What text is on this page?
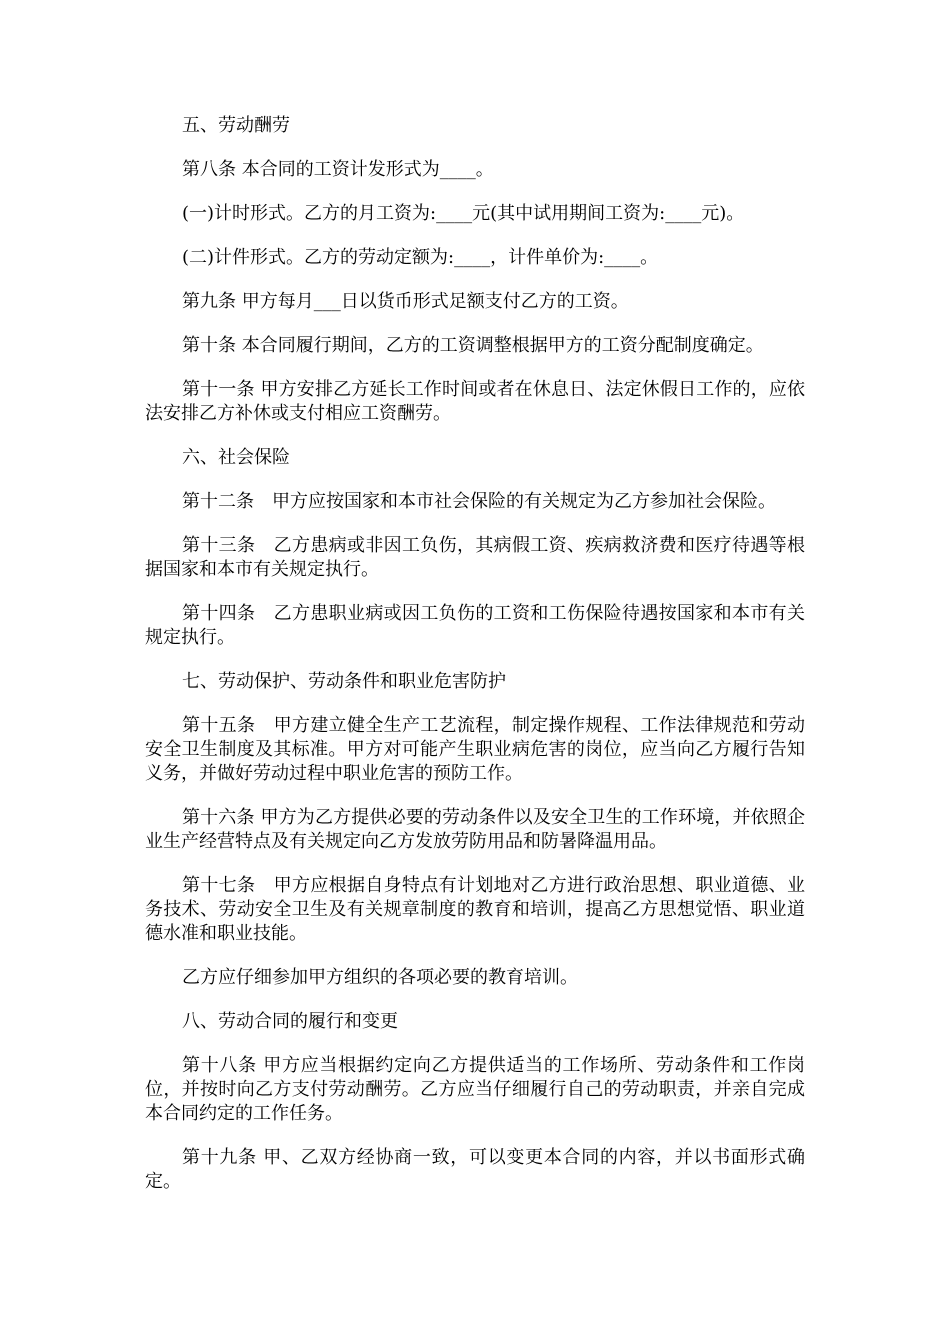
五、劳动酬劳

第八条 本合同的工资计发形式为____。

(一)计时形式。乙方的月工资为:____元(其中试用期间工资为:____元)。

(二)计件形式。乙方的劳动定额为:____，计件单价为:____。

第九条 甲方每月___日以货币形式足额支付乙方的工资。

第十条 本合同履行期间，乙方的工资调整根据甲方的工资分配制度确定。

第十一条 甲方安排乙方延长工作时间或者在休息日、法定休假日工作的，应依法安排乙方补休或支付相应工资酬劳。

六、社会保险

第十二条　甲方应按国家和本市社会保险的有关规定为乙方参加社会保险。

第十三条　乙方患病或非因工负伤，其病假工资、疾病救济费和医疗待遇等根据国家和本市有关规定执行。

第十四条　乙方患职业病或因工负伤的工资和工伤保险待遇按国家和本市有关规定执行。

七、劳动保护、劳动条件和职业危害防护

第十五条　甲方建立健全生产工艺流程，制定操作规程、工作法律规范和劳动安全卫生制度及其标准。甲方对可能产生职业病危害的岗位，应当向乙方履行告知义务，并做好劳动过程中职业危害的预防工作。

第十六条 甲方为乙方提供必要的劳动条件以及安全卫生的工作环境，并依照企业生产经营特点及有关规定向乙方发放劳防用品和防暑降温用品。

第十七条　甲方应根据自身特点有计划地对乙方进行政治思想、职业道德、业务技术、劳动安全卫生及有关规章制度的教育和培训，提高乙方思想觉悟、职业道德水准和职业技能。

乙方应仔细参加甲方组织的各项必要的教育培训。

八、劳动合同的履行和变更

第十八条 甲方应当根据约定向乙方提供适当的工作场所、劳动条件和工作岗位，并按时向乙方支付劳动酬劳。乙方应当仔细履行自己的劳动职责，并亲自完成本合同约定的工作任务。

第十九条 甲、乙双方经协商一致，可以变更本合同的内容，并以书面形式确定。
